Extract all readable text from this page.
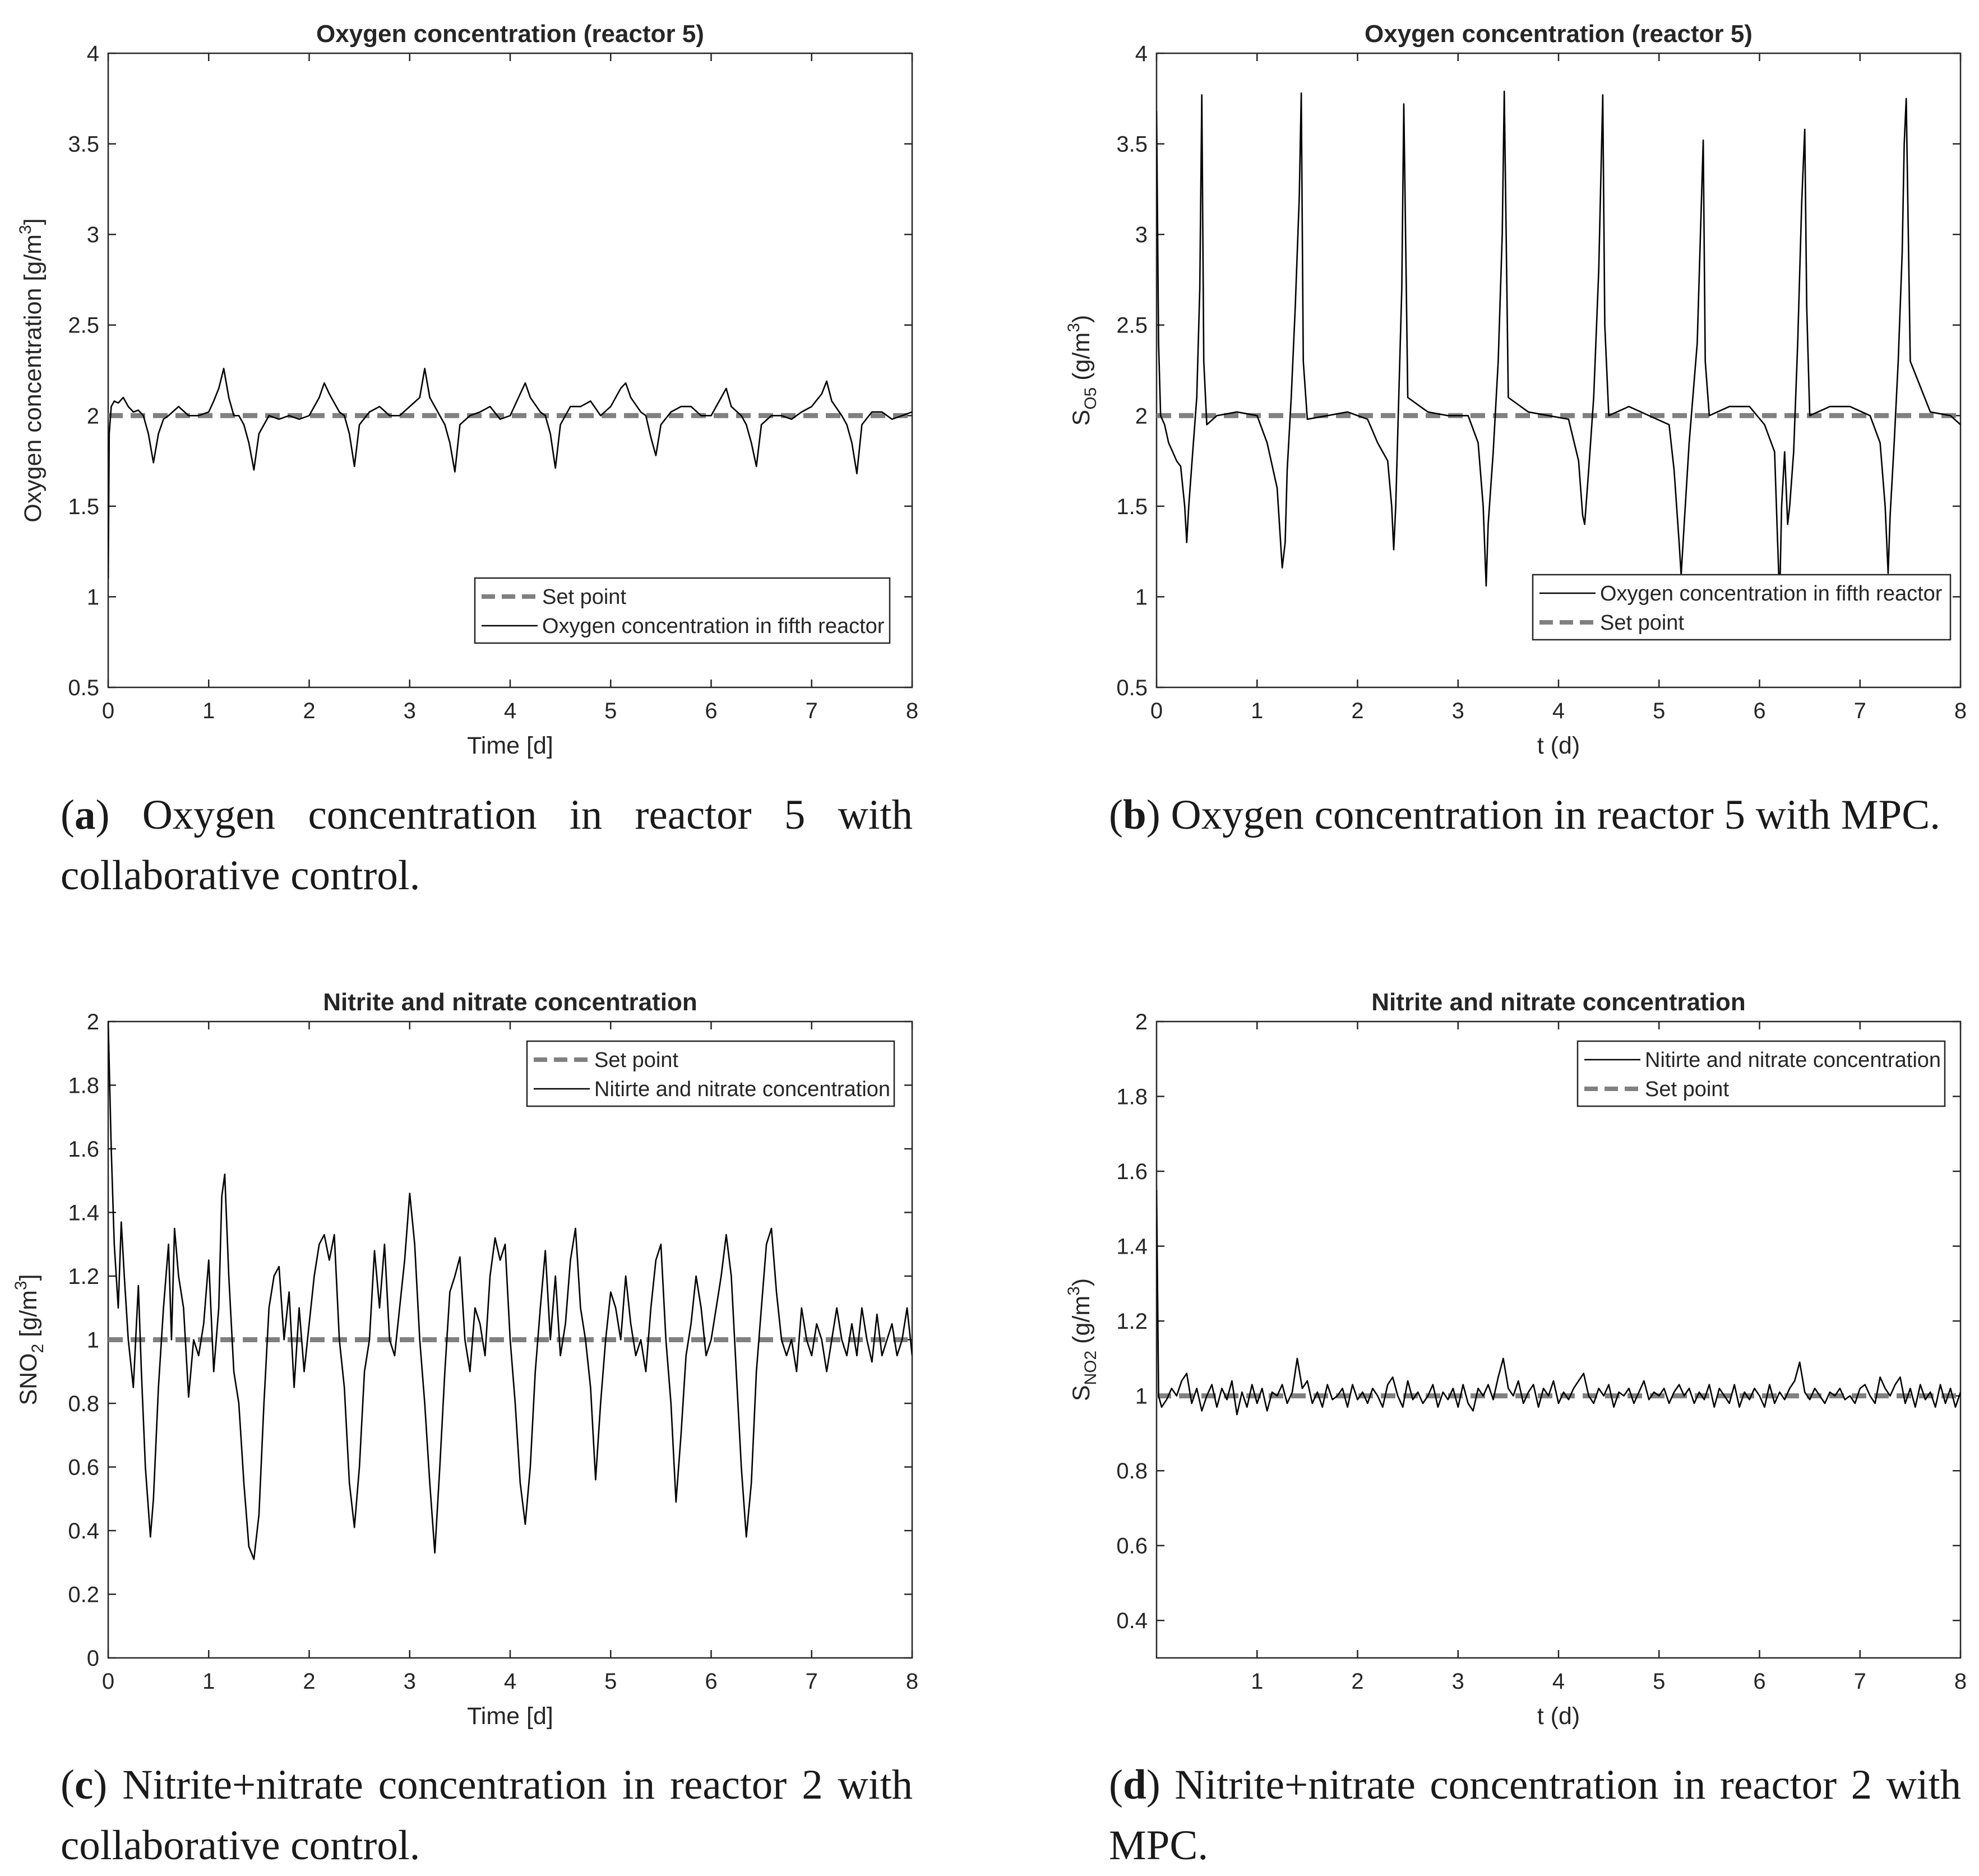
Oxygen concentration (reactor 5)
0	1	2	3	4	5	6	7	8
0.5
1
1.5
2
2.5
3
3.5
4
Time [d]
Oxygen concentration $[g/m^3]$
Set point
Oxygen concentration in fifth reactor
Oxygen concentration (reactor 5)
0	1	2	3	4	5	6	7	8
0.5
1
1.5
2
2.5
3
3.5
4
t (d)
$S_{O5}$ $(g/m^3)$
Oxygen concentration in fifth reactor
Set point
Nitrite and nitrate concentration
0	1	2	3	4	5	6	7	8
0
0.2
0.4
0.6
0.8
1
1.2
1.4
1.6
1.8
2
Time [d]
$SNO_2$ $[g/m^3]$
Set point
Nitirte and nitrate concentration
Nitrite and nitrate concentration
1	2	3	4	5	6	7	8
0.4
0.6
0.8
1
1.2
1.4
1.6
1.8
2
t (d)
$S_{NO2}$ $(g/m^3)$
Nitirte and nitrate concentration
Set point
(a) Oxygen concentration in reactor 5 with collaborative control.
(b) Oxygen concentration in reactor 5 with MPC.
(c) Nitrite+nitrate concentration in reactor 2 with collaborative control.
(d) Nitrite+nitrate concentration in reactor 2 with MPC.
